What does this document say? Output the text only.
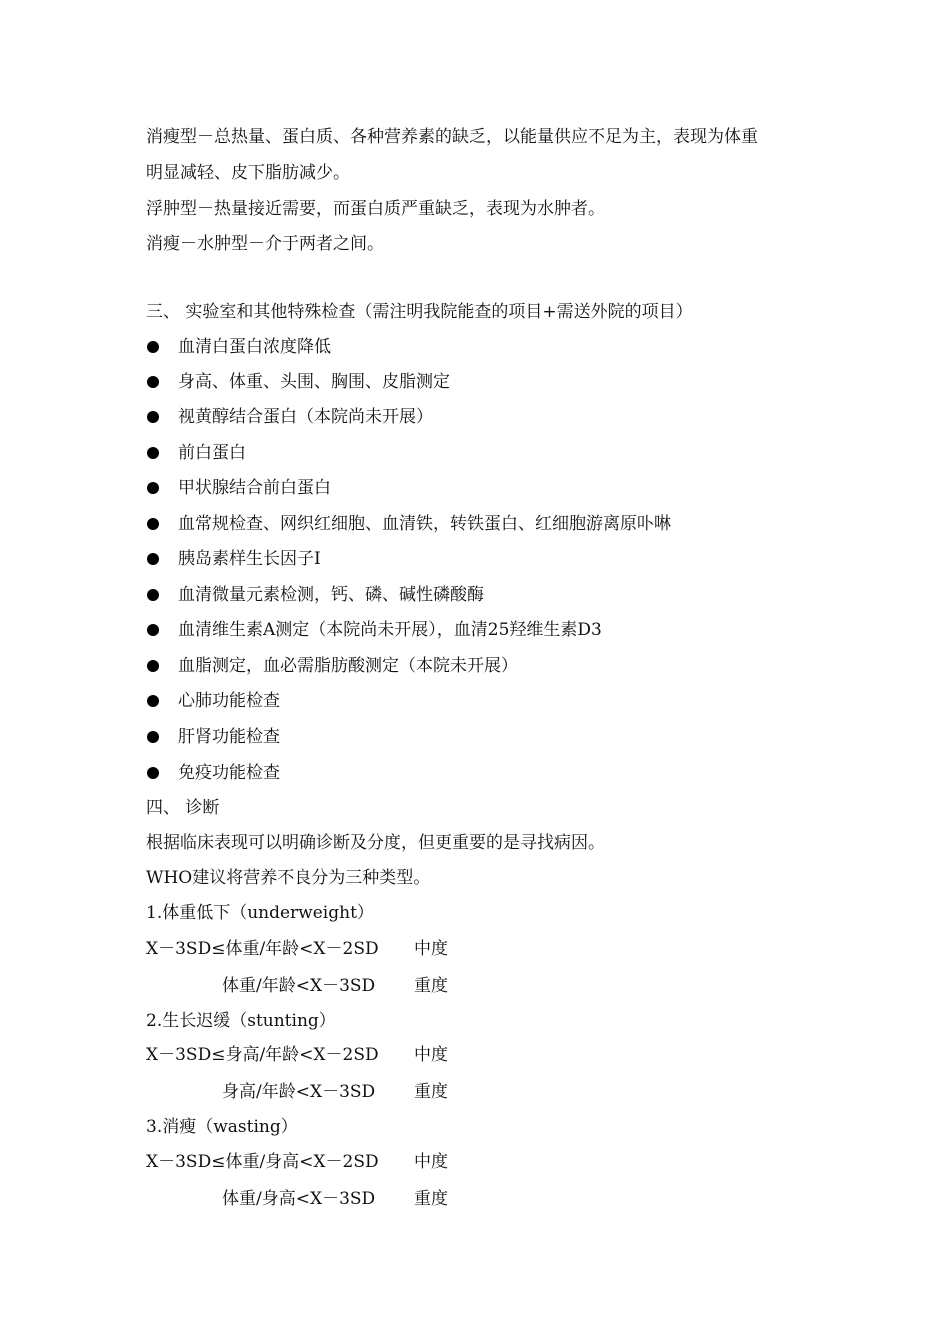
消瘦型－总热量、蛋白质、各种营养素的缺乏，以能量供应不足为主，表现为体重

明显减轻、皮下脂肪减少。

浮肿型－热量接近需要，而蛋白质严重缺乏，表现为水肿者。

消瘦－水肿型－介于两者之间。

三、 实验室和其他特殊检查（需注明我院能查的项目+需送外院的项目）

血清白蛋白浓度降低
身高、体重、头围、胸围、皮脂测定
视黄醇结合蛋白（本院尚未开展）
前白蛋白
甲状腺结合前白蛋白
血常规检查、网织红细胞、血清铁，转铁蛋白、红细胞游离原卟啉
胰岛素样生长因子Ⅰ
血清微量元素检测，钙、磷、碱性磷酸酶
血清维生素A测定（本院尚未开展），血清25羟维生素D3
血脂测定，血必需脂肪酸测定（本院未开展）
心肺功能检查
肝肾功能检查
免疫功能检查

四、 诊断

根据临床表现可以明确诊断及分度，但更重要的是寻找病因。

WHO建议将营养不良分为三种类型。

1.体重低下（underweight）

X－3SD≤体重/年龄<X－2SD 中度

体重/年龄<X－3SD 重度

2.生长迟缓（stunting）

X－3SD≤身高/年龄<X－2SD 中度

身高/年龄<X－3SD 重度

3.消瘦（wasting）

X－3SD≤体重/身高<X－2SD 中度

体重/身高<X－3SD 重度
